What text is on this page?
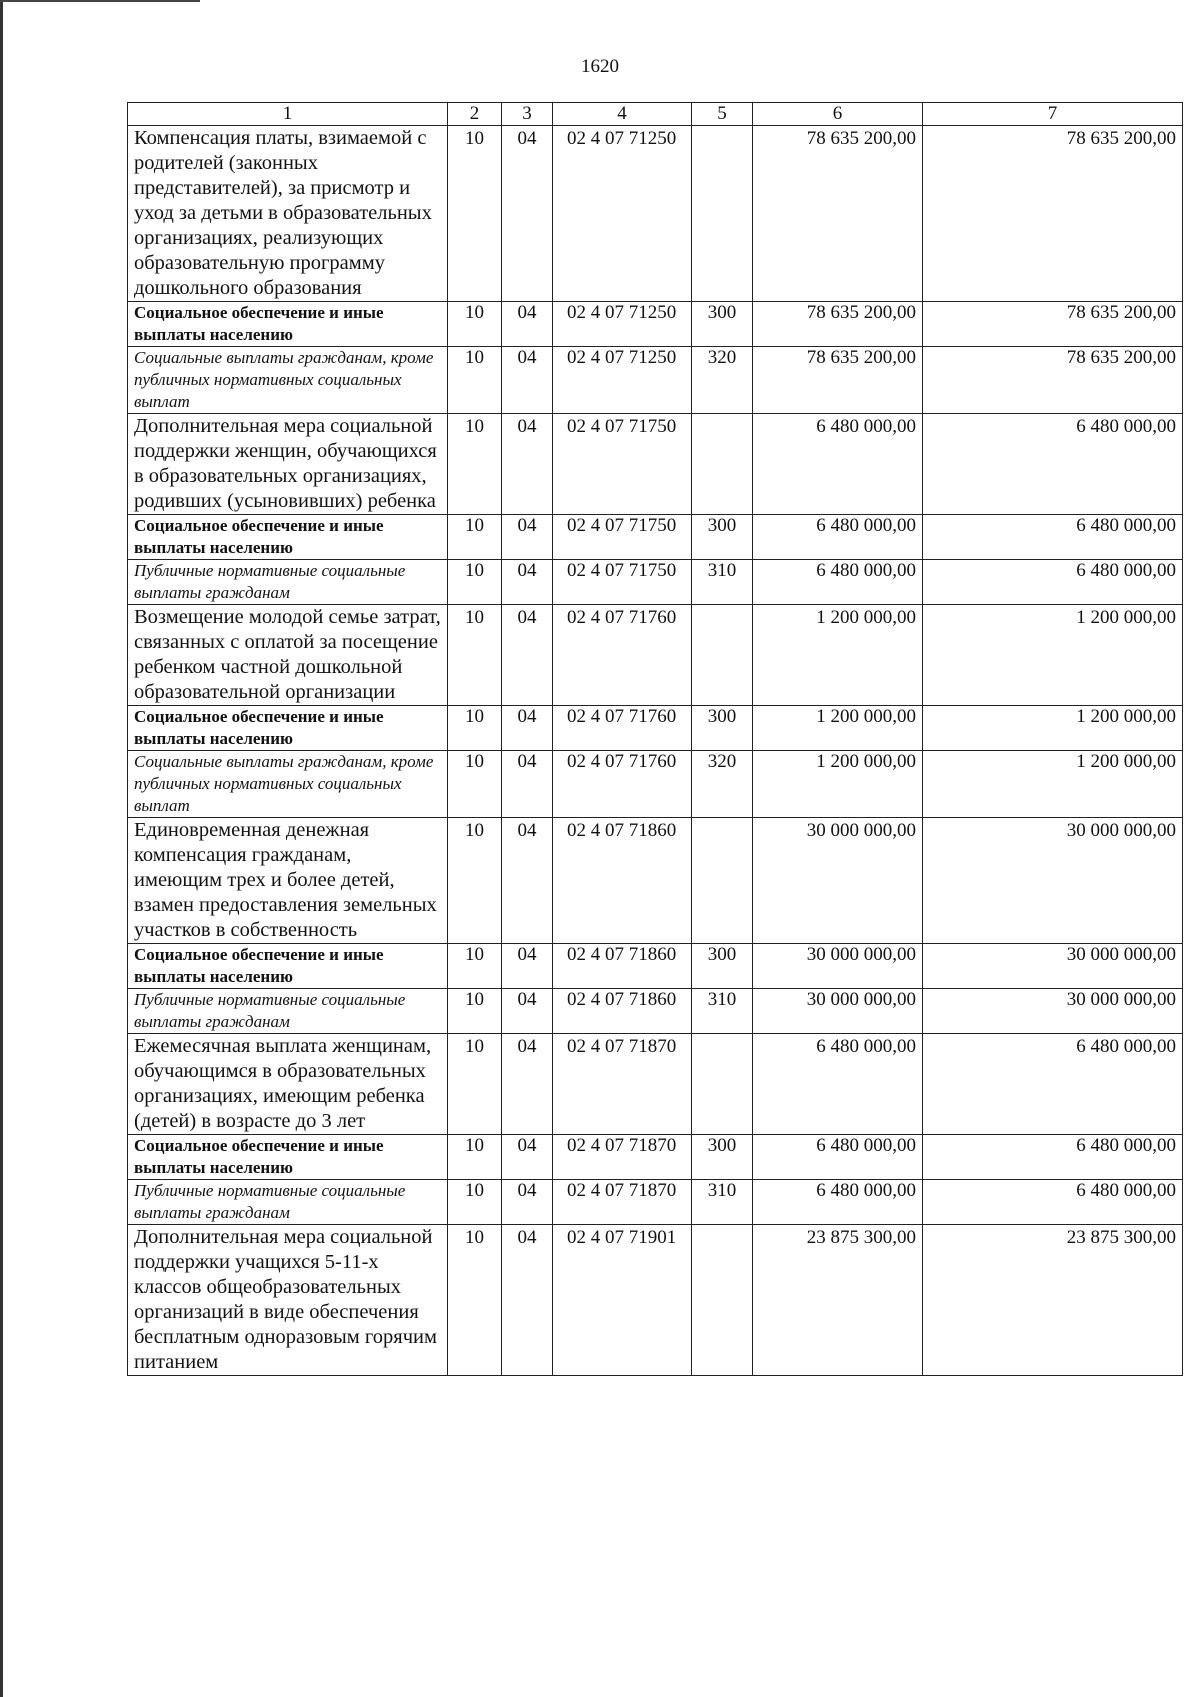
1620
1	2	3	4	5	6	7
Компенсация платы, взимаемой с родителей (законных представителей), за присмотр и уход за детьми в образовательных организациях, реализующих образовательную программу дошкольного образования	10	04	02 4 07 71250		78 635 200,00	78 635 200,00
Социальное обеспечение и иные выплаты населению	10	04	02 4 07 71250	300	78 635 200,00	78 635 200,00
Социальные выплаты гражданам, кроме публичных нормативных социальных выплат	10	04	02 4 07 71250	320	78 635 200,00	78 635 200,00
Дополнительная мера социальной поддержки женщин, обучающихся в образовательных организациях, родивших (усыновивших) ребенка	10	04	02 4 07 71750		6 480 000,00	6 480 000,00
Социальное обеспечение и иные выплаты населению	10	04	02 4 07 71750	300	6 480 000,00	6 480 000,00
Публичные нормативные социальные выплаты гражданам	10	04	02 4 07 71750	310	6 480 000,00	6 480 000,00
Возмещение молодой семье затрат, связанных с оплатой за посещение ребенком частной дошкольной образовательной организации	10	04	02 4 07 71760		1 200 000,00	1 200 000,00
Социальное обеспечение и иные выплаты населению	10	04	02 4 07 71760	300	1 200 000,00	1 200 000,00
Социальные выплаты гражданам, кроме публичных нормативных социальных выплат	10	04	02 4 07 71760	320	1 200 000,00	1 200 000,00
Единовременная денежная компенсация гражданам, имеющим трех и более детей, взамен предоставления земельных участков в собственность	10	04	02 4 07 71860		30 000 000,00	30 000 000,00
Социальное обеспечение и иные выплаты населению	10	04	02 4 07 71860	300	30 000 000,00	30 000 000,00
Публичные нормативные социальные выплаты гражданам	10	04	02 4 07 71860	310	30 000 000,00	30 000 000,00
Ежемесячная выплата женщинам, обучающимся в образовательных организациях, имеющим ребенка (детей) в возрасте до 3 лет	10	04	02 4 07 71870		6 480 000,00	6 480 000,00
Социальное обеспечение и иные выплаты населению	10	04	02 4 07 71870	300	6 480 000,00	6 480 000,00
Публичные нормативные социальные выплаты гражданам	10	04	02 4 07 71870	310	6 480 000,00	6 480 000,00
Дополнительная мера социальной поддержки учащихся 5-11-х классов общеобразовательных организаций в виде обеспечения бесплатным одноразовым горячим питанием	10	04	02 4 07 71901		23 875 300,00	23 875 300,00
